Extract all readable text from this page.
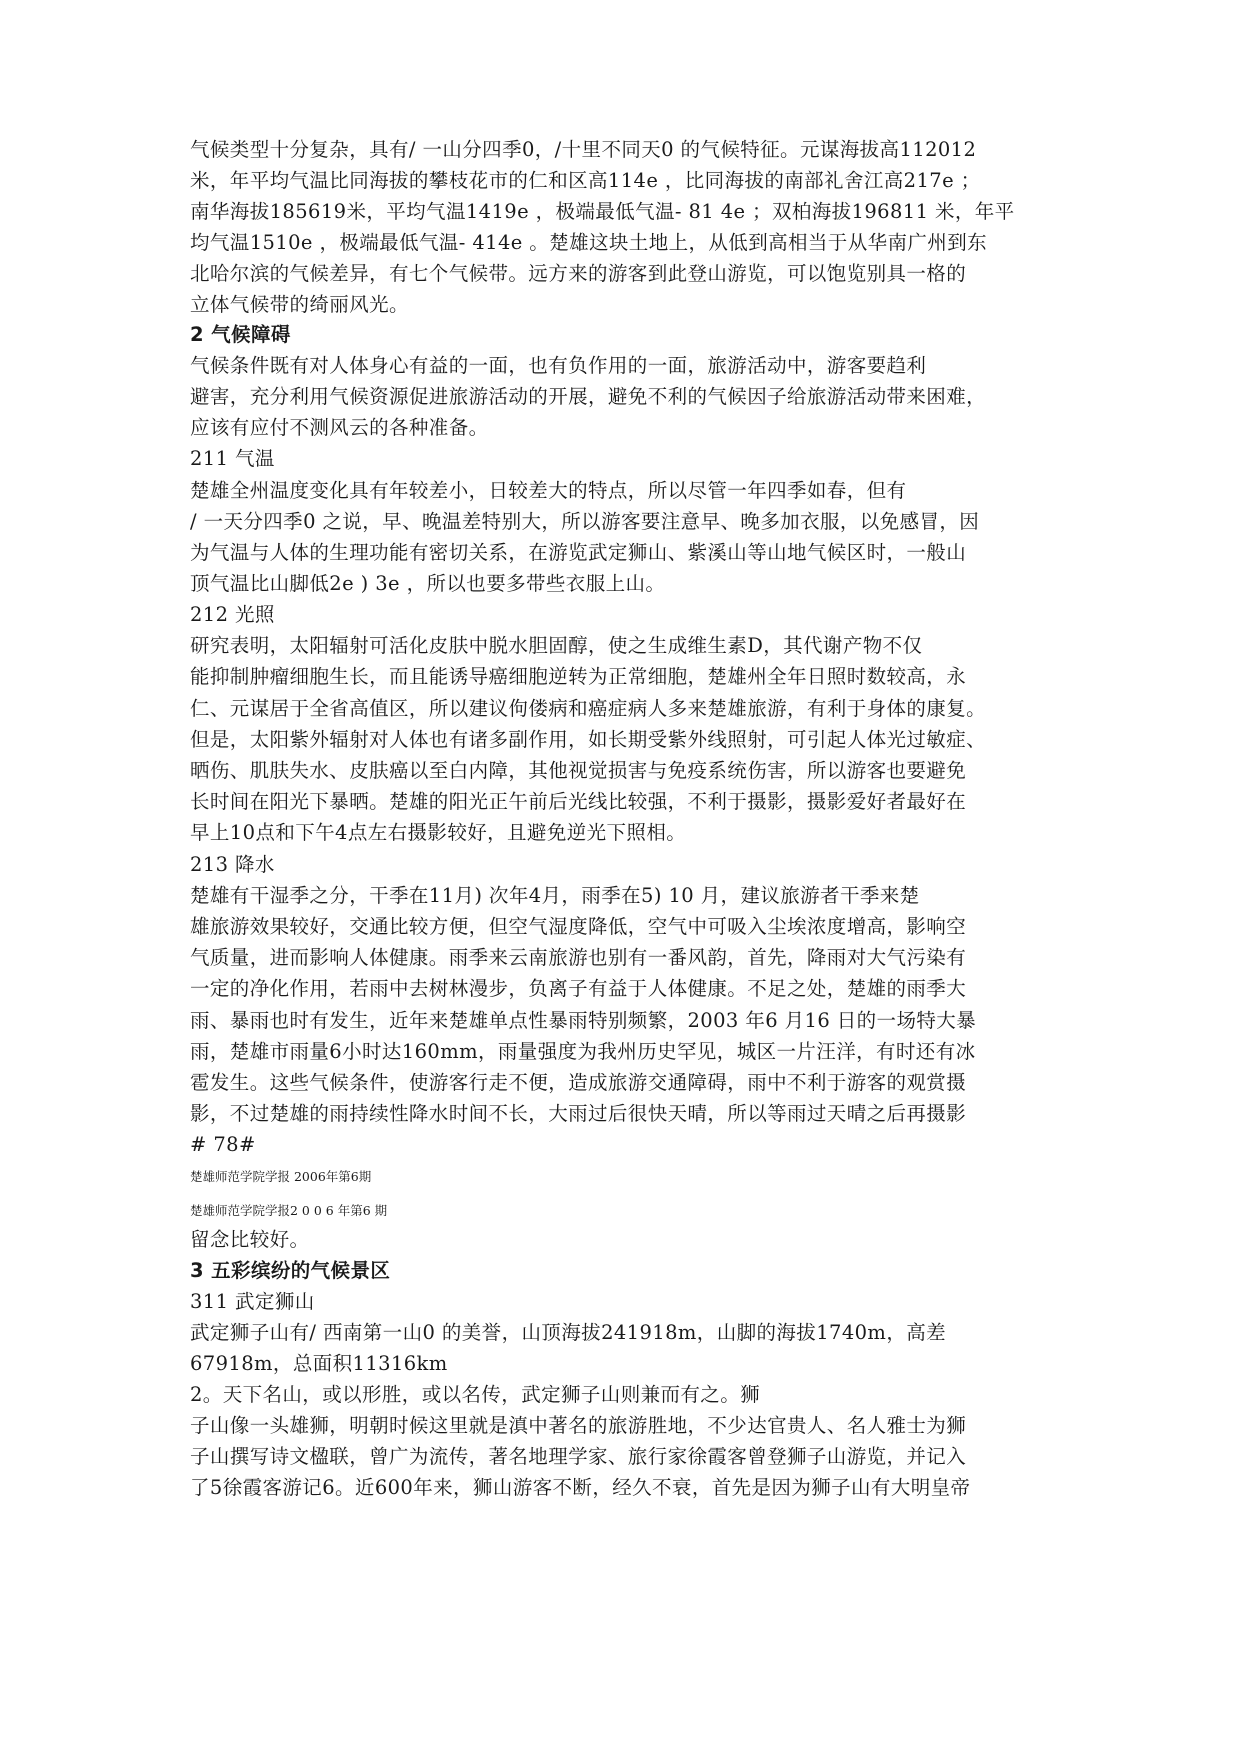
气候类型十分复杂，具有/ 一山分四季0，/十里不同天0 的气候特征。元谋海拔高112012
米，年平均气温比同海拔的攀枝花市的仁和区高114e ，比同海拔的南部礼舍江高217e ；
南华海拔185619米，平均气温1419e ，极端最低气温- 81 4e ；双柏海拔196811 米，年平
均气温1510e ，极端最低气温- 414e 。楚雄这块土地上，从低到高相当于从华南广州到东
北哈尔滨的气候差异，有七个气候带。远方来的游客到此登山游览，可以饱览别具一格的
立体气候带的绮丽风光。
2 气候障碍
气候条件既有对人体身心有益的一面，也有负作用的一面，旅游活动中，游客要趋利
避害，充分利用气候资源促进旅游活动的开展，避免不利的气候因子给旅游活动带来困难，
应该有应付不测风云的各种准备。
211 气温
楚雄全州温度变化具有年较差小，日较差大的特点，所以尽管一年四季如春，但有
/ 一天分四季0 之说，早、晚温差特别大，所以游客要注意早、晚多加衣服，以免感冒，因
为气温与人体的生理功能有密切关系，在游览武定狮山、紫溪山等山地气候区时，一般山
顶气温比山脚低2e ) 3e ，所以也要多带些衣服上山。
212 光照
研究表明，太阳辐射可活化皮肤中脱水胆固醇，使之生成维生素D，其代谢产物不仅
能抑制肿瘤细胞生长，而且能诱导癌细胞逆转为正常细胞，楚雄州全年日照时数较高，永
仁、元谋居于全省高值区，所以建议佝偻病和癌症病人多来楚雄旅游，有利于身体的康复。
但是，太阳紫外辐射对人体也有诸多副作用，如长期受紫外线照射，可引起人体光过敏症、
晒伤、肌肤失水、皮肤癌以至白内障，其他视觉损害与免疫系统伤害，所以游客也要避免
长时间在阳光下暴晒。楚雄的阳光正午前后光线比较强，不利于摄影，摄影爱好者最好在
早上10点和下午4点左右摄影较好，且避免逆光下照相。
213 降水
楚雄有干湿季之分，干季在11月) 次年4月，雨季在5) 10 月，建议旅游者干季来楚
雄旅游效果较好，交通比较方便，但空气湿度降低，空气中可吸入尘埃浓度增高，影响空
气质量，进而影响人体健康。雨季来云南旅游也别有一番风韵，首先，降雨对大气污染有
一定的净化作用，若雨中去树林漫步，负离子有益于人体健康。不足之处，楚雄的雨季大
雨、暴雨也时有发生，近年来楚雄单点性暴雨特别频繁，2003 年6 月16 日的一场特大暴
雨，楚雄市雨量6小时达160mm，雨量强度为我州历史罕见，城区一片汪洋，有时还有冰
雹发生。这些气候条件，使游客行走不便，造成旅游交通障碍，雨中不利于游客的观赏摄
影，不过楚雄的雨持续性降水时间不长，大雨过后很快天晴，所以等雨过天晴之后再摄影
# 78#
楚雄师范学院学报 2006年第6期
楚雄师范学院学报2 0 0 6 年第6 期
留念比较好。
3 五彩缤纷的气候景区
311 武定狮山
武定狮子山有/ 西南第一山0 的美誉，山顶海拔241918m，山脚的海拔1740m，高差
67918m，总面积11316km
2。天下名山，或以形胜，或以名传，武定狮子山则兼而有之。狮
子山像一头雄狮，明朝时候这里就是滇中著名的旅游胜地，不少达官贵人、名人雅士为狮
子山撰写诗文楹联，曾广为流传，著名地理学家、旅行家徐霞客曾登狮子山游览，并记入
了5徐霞客游记6。近600年来，狮山游客不断，经久不衰，首先是因为狮子山有大明皇帝
